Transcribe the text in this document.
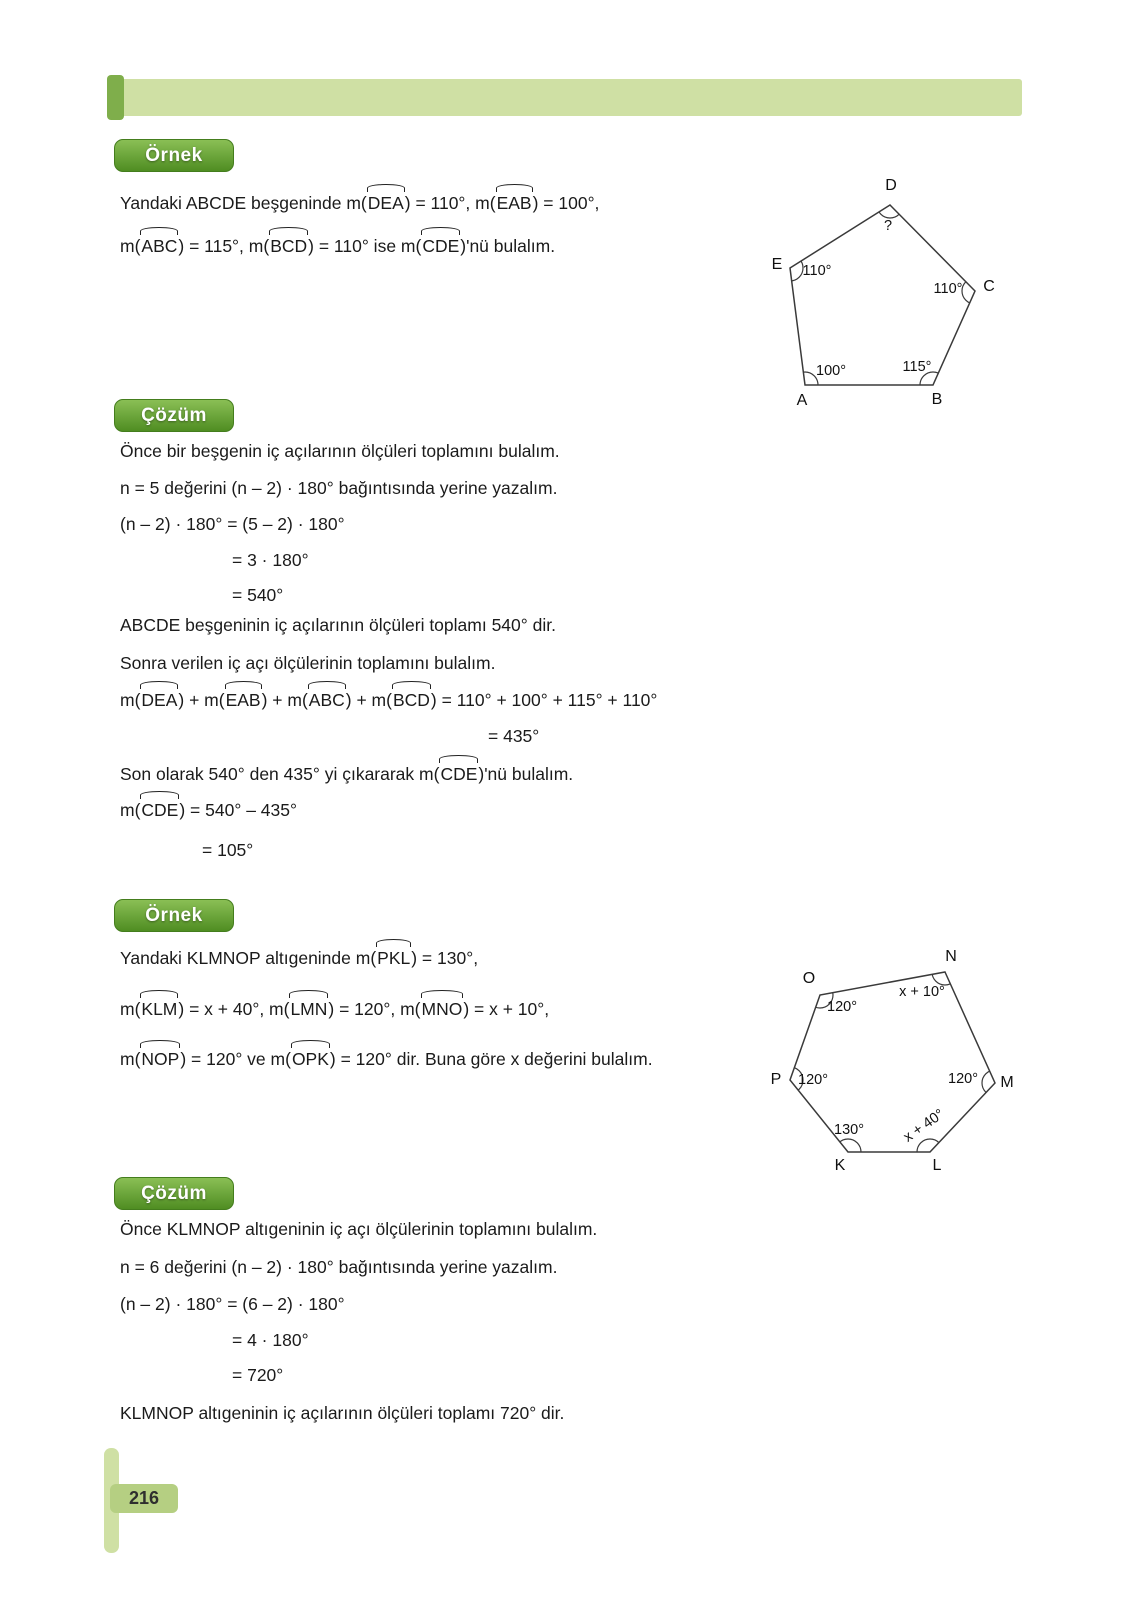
Örnek
Yandaki ABCDE beşgeninde m(DEA) = 110°, m(EAB) = 100°,
m(ABC) = 115°, m(BCD) = 110° ise m(CDE)'nü bulalım.
D
E
C
A	B
?
110°
110°
100°	115°
Çözüm
Önce bir beşgenin iç açılarının ölçüleri toplamını bulalım.
n = 5 değerini (n – 2) · 180° bağıntısında yerine yazalım.
(n – 2) · 180° = (5 – 2) · 180°
= 3 · 180°
= 540°
ABCDE beşgeninin iç açılarının ölçüleri toplamı 540° dir.
Sonra verilen iç açı ölçülerinin toplamını bulalım.
m(DEA) + m(EAB) + m(ABC) + m(BCD) = 110° + 100° + 115° + 110°
= 435°
Son olarak 540° den 435° yi çıkararak m(CDE)'nü bulalım.
m(CDE) = 540° – 435°
= 105°
Örnek
Yandaki KLMNOP altıgeninde m(PKL) = 130°,
m(KLM) = x + 40°, m(LMN) = 120°, m(MNO) = x + 10°,
m(NOP) = 120° ve m(OPK) = 120° dir. Buna göre x değerini bulalım.
N
O
M
P
K	L
120°
x + 10°
120°
120°
130°	x + 40°
Çözüm
Önce KLMNOP altıgeninin iç açı ölçülerinin toplamını bulalım.
n = 6 değerini (n – 2) · 180° bağıntısında yerine yazalım.
(n – 2) · 180° = (6 – 2) · 180°
= 4 · 180°
= 720°
KLMNOP altıgeninin iç açılarının ölçüleri toplamı 720° dir.
216
